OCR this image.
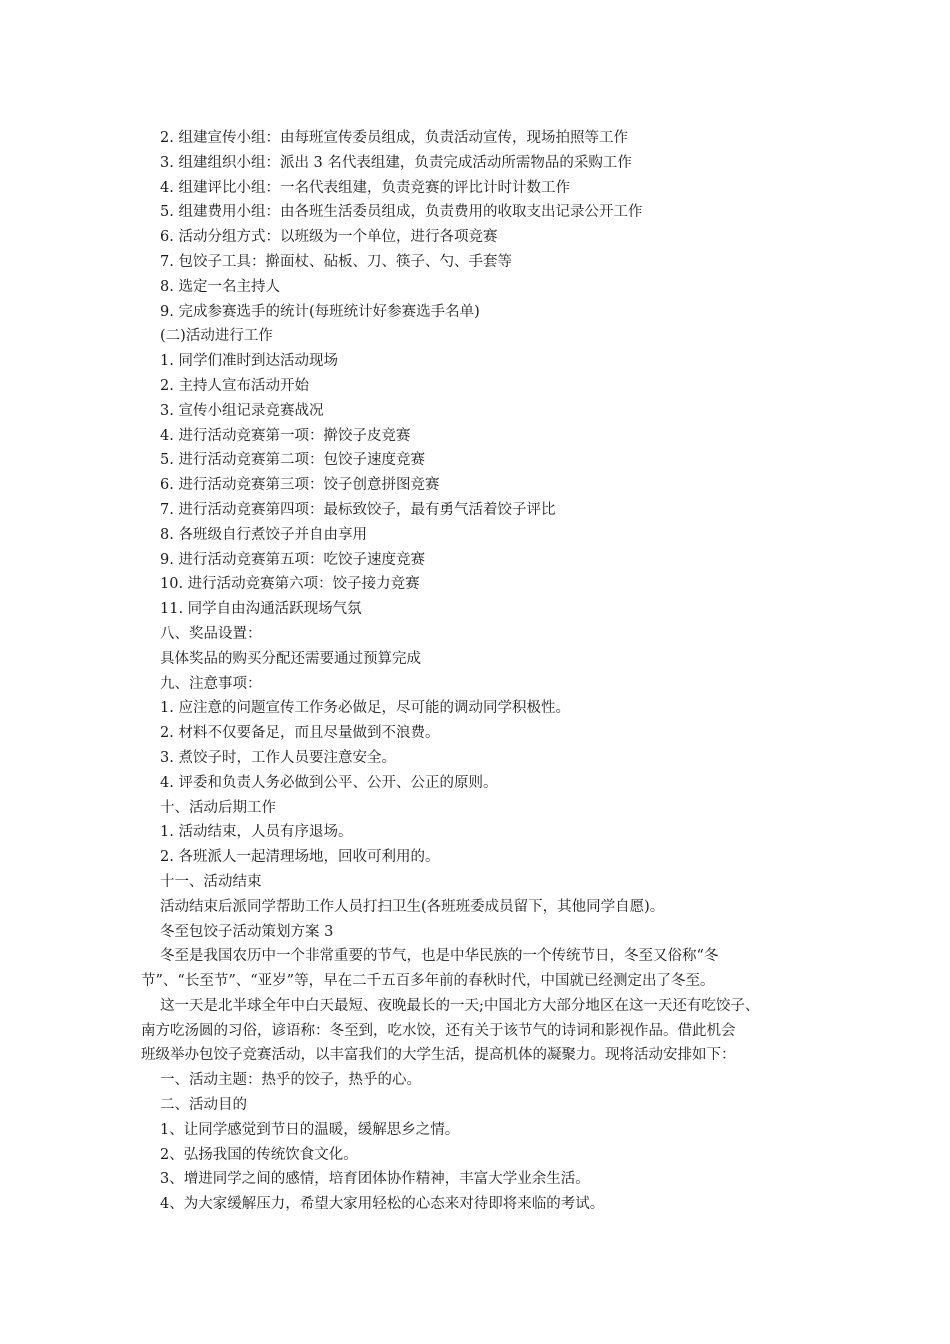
2. 组建宣传小组：由每班宣传委员组成，负责活动宣传，现场拍照等工作
3. 组建组织小组：派出 3 名代表组建，负责完成活动所需物品的采购工作
4. 组建评比小组：一名代表组建，负责竞赛的评比计时计数工作
5. 组建费用小组：由各班生活委员组成，负责费用的收取支出记录公开工作
6. 活动分组方式：以班级为一个单位，进行各项竞赛
7. 包饺子工具：擀面杖、砧板、刀、筷子、勺、手套等
8. 选定一名主持人
9. 完成参赛选手的统计(每班统计好参赛选手名单)
(二)活动进行工作
1. 同学们准时到达活动现场
2. 主持人宣布活动开始
3. 宣传小组记录竞赛战况
4. 进行活动竞赛第一项：擀饺子皮竞赛
5. 进行活动竞赛第二项：包饺子速度竞赛
6. 进行活动竞赛第三项：饺子创意拼图竞赛
7. 进行活动竞赛第四项：最标致饺子，最有勇气活着饺子评比
8. 各班级自行煮饺子并自由享用
9. 进行活动竞赛第五项：吃饺子速度竞赛
10. 进行活动竞赛第六项：饺子接力竞赛
11. 同学自由沟通活跃现场气氛
八、奖品设置：
具体奖品的购买分配还需要通过预算完成
九、注意事项：
1. 应注意的问题宣传工作务必做足，尽可能的调动同学积极性。
2. 材料不仅要备足，而且尽量做到不浪费。
3. 煮饺子时，工作人员要注意安全。
4. 评委和负责人务必做到公平、公开、公正的原则。
十、活动后期工作
1. 活动结束，人员有序退场。
2. 各班派人一起清理场地，回收可利用的。
十一、活动结束
活动结束后派同学帮助工作人员打扫卫生(各班班委成员留下，其他同学自愿)。
冬至包饺子活动策划方案 3
冬至是我国农历中一个非常重要的节气，也是中华民族的一个传统节日，冬至又俗称“冬
节”、“长至节”、“亚岁”等，早在二千五百多年前的春秋时代，中国就已经测定出了冬至。
这一天是北半球全年中白天最短、夜晚最长的一天;中国北方大部分地区在这一天还有吃饺子、
南方吃汤圆的习俗，谚语称：冬至到，吃水饺，还有关于该节气的诗词和影视作品。借此机会
班级举办包饺子竞赛活动，以丰富我们的大学生活，提高机体的凝聚力。现将活动安排如下：
一、活动主题：热乎的饺子，热乎的心。
二、活动目的
1、让同学感觉到节日的温暖，缓解思乡之情。
2、弘扬我国的传统饮食文化。
3、增进同学之间的感情，培育团体协作精神，丰富大学业余生活。
4、为大家缓解压力，希望大家用轻松的心态来对待即将来临的考试。
